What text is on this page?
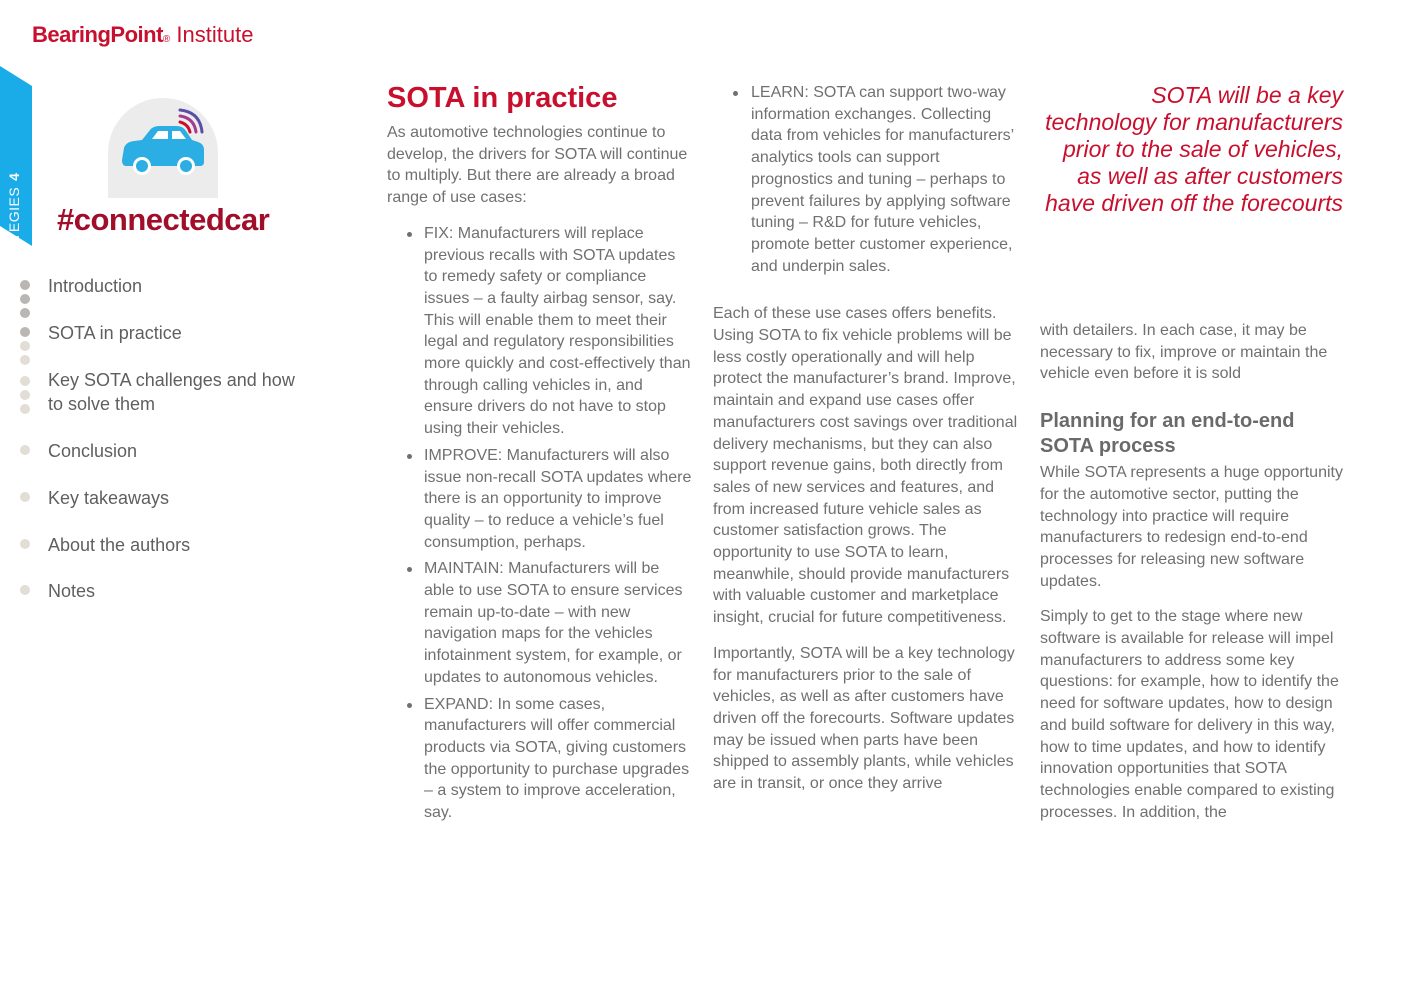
BearingPoint® Institute
STRATEGIES4
#connectedcar
Introduction
SOTA in practice
Key SOTA challenges and how to solve them
Conclusion
Key takeaways
About the authors
Notes
SOTA in practice

As automotive technologies continue to develop, the drivers for SOTA will continue to multiply. But there are already a broad range of use cases:

FIX: Manufacturers will replace previous recalls with SOTA updates to remedy safety or compliance issues – a faulty airbag sensor, say. This will enable them to meet their legal and regulatory responsibilities more quickly and cost-effectively than through calling vehicles in, and ensure drivers do not have to stop using their vehicles.
IMPROVE: Manufacturers will also issue non-recall SOTA updates where there is an opportunity to improve quality – to reduce a vehicle’s fuel consumption, perhaps.
MAINTAIN: Manufacturers will be able to use SOTA to ensure services remain up-to-date – with new navigation maps for the vehicles infotainment system, for example, or updates to autonomous vehicles.
EXPAND: In some cases, manufacturers will offer commercial products via SOTA, giving customers the opportunity to purchase upgrades – a system to improve acceleration, say.
LEARN: SOTA can support two-way information exchanges. Collecting data from vehicles for manufacturers’ analytics tools can support prognostics and tuning – perhaps to prevent failures by applying software tuning – R&D for future vehicles, promote better customer experience, and underpin sales.

Each of these use cases offers benefits. Using SOTA to fix vehicle problems will be less costly operationally and will help protect the manufacturer’s brand. Improve, maintain and expand use cases offer manufacturers cost savings over traditional delivery mechanisms, but they can also support revenue gains, both directly from sales of new services and features, and from increased future vehicle sales as customer satisfaction grows. The opportunity to use SOTA to learn, meanwhile, should provide manufacturers with valuable customer and marketplace insight, crucial for future competitiveness.

Importantly, SOTA will be a key technology for manufacturers prior to the sale of vehicles, as well as after customers have driven off the forecourts. Software updates may be issued when parts have been shipped to assembly plants, while vehicles are in transit, or once they arrive

SOTA will be a key technology for manufacturers prior to the sale of vehicles, as well as after customers have driven off the forecourts

with detailers. In each case, it may be necessary to fix, improve or maintain the vehicle even before it is sold

Planning for an end-to-end SOTA process

While SOTA represents a huge opportunity for the automotive sector, putting the technology into practice will require manufacturers to redesign end-to-end processes for releasing new software updates.

Simply to get to the stage where new software is available for release will impel manufacturers to address some key questions: for example, how to identify the need for software updates, how to design and build software for delivery in this way, how to time updates, and how to identify innovation opportunities that SOTA technologies enable compared to existing processes. In addition, the
